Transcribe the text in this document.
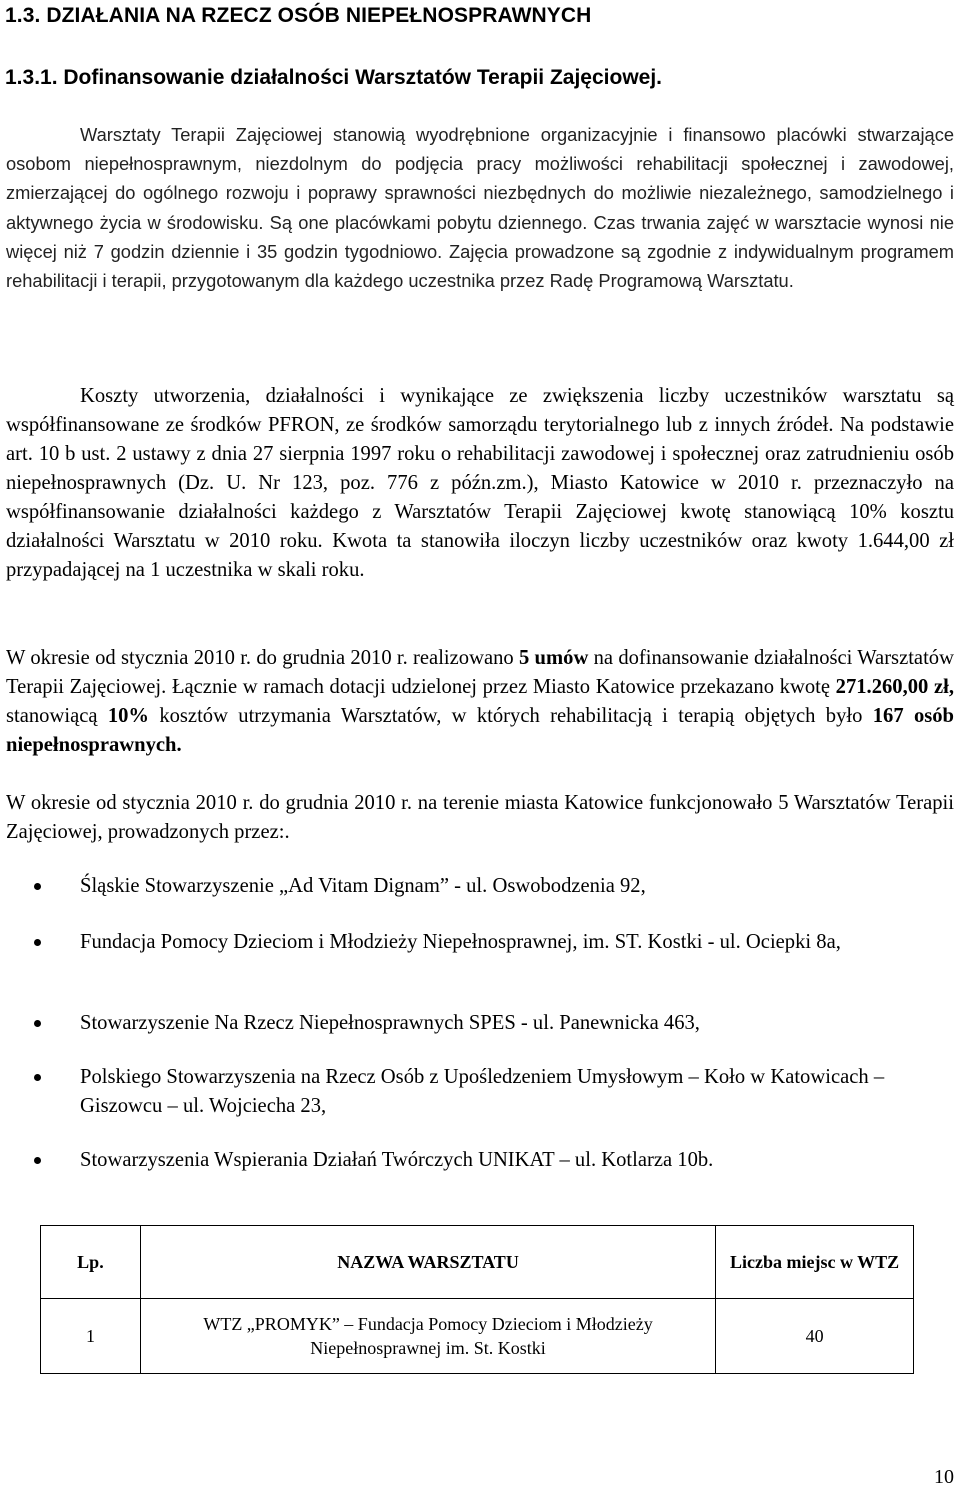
1.3. DZIAŁANIA NA RZECZ OSÓB NIEPEŁNOSPRAWNYCH
1.3.1. Dofinansowanie działalności Warsztatów Terapii Zajęciowej.
Warsztaty Terapii Zajęciowej stanowią wyodrębnione organizacyjnie i finansowo placówki stwarzające osobom niepełnosprawnym, niezdolnym do podjęcia pracy możliwości rehabilitacji społecznej i zawodowej, zmierzającej do ogólnego rozwoju i poprawy sprawności niezbędnych do możliwie niezależnego, samodzielnego i aktywnego życia w środowisku. Są one placówkami pobytu dziennego. Czas trwania zajęć w warsztacie wynosi nie więcej niż 7 godzin dziennie i 35 godzin tygodniowo. Zajęcia prowadzone są zgodnie z indywidualnym programem rehabilitacji i terapii, przygotowanym dla każdego uczestnika przez Radę Programową Warsztatu.
Koszty utworzenia, działalności i wynikające ze zwiększenia liczby uczestników warsztatu są współfinansowane ze środków PFRON, ze środków samorządu terytorialnego lub z innych źródeł. Na podstawie art. 10 b ust. 2 ustawy z dnia 27 sierpnia 1997 roku o rehabilitacji zawodowej i społecznej oraz zatrudnieniu osób niepełnosprawnych (Dz. U. Nr 123, poz. 776 z późn.zm.), Miasto Katowice w 2010 r. przeznaczyło na współfinansowanie działalności każdego z Warsztatów Terapii Zajęciowej kwotę stanowiącą 10% kosztu działalności Warsztatu w 2010 roku. Kwota ta stanowiła iloczyn liczby uczestników oraz kwoty 1.644,00 zł przypadającej na 1 uczestnika w skali roku.
W okresie od stycznia 2010 r. do grudnia 2010 r. realizowano 5 umów na dofinansowanie działalności Warsztatów Terapii Zajęciowej. Łącznie w ramach dotacji udzielonej przez Miasto Katowice przekazano kwotę 271.260,00 zł, stanowiącą 10% kosztów utrzymania Warsztatów, w których rehabilitacją i terapią objętych było 167 osób niepełnosprawnych.
W okresie od stycznia 2010 r. do grudnia 2010 r. na terenie miasta Katowice funkcjonowało 5 Warsztatów Terapii Zajęciowej, prowadzonych przez:.
Śląskie Stowarzyszenie „Ad Vitam Dignam” - ul. Oswobodzenia 92,
Fundacja Pomocy Dzieciom i Młodzieży Niepełnosprawnej, im. ST. Kostki - ul. Ociepki 8a,
Stowarzyszenie Na Rzecz Niepełnosprawnych SPES - ul. Panewnicka 463,
Polskiego Stowarzyszenia na Rzecz Osób z Upośledzeniem Umysłowym – Koło w Katowicach – Giszowcu – ul. Wojciecha 23,
Stowarzyszenia Wspierania Działań Twórczych UNIKAT – ul. Kotlarza 10b.
Lp.	NAZWA WARSZTATU	Liczba miejsc w WTZ
1	WTZ „PROMYK” – Fundacja Pomocy Dzieciom i Młodzieży Niepełnosprawnej im. St. Kostki	40
10
